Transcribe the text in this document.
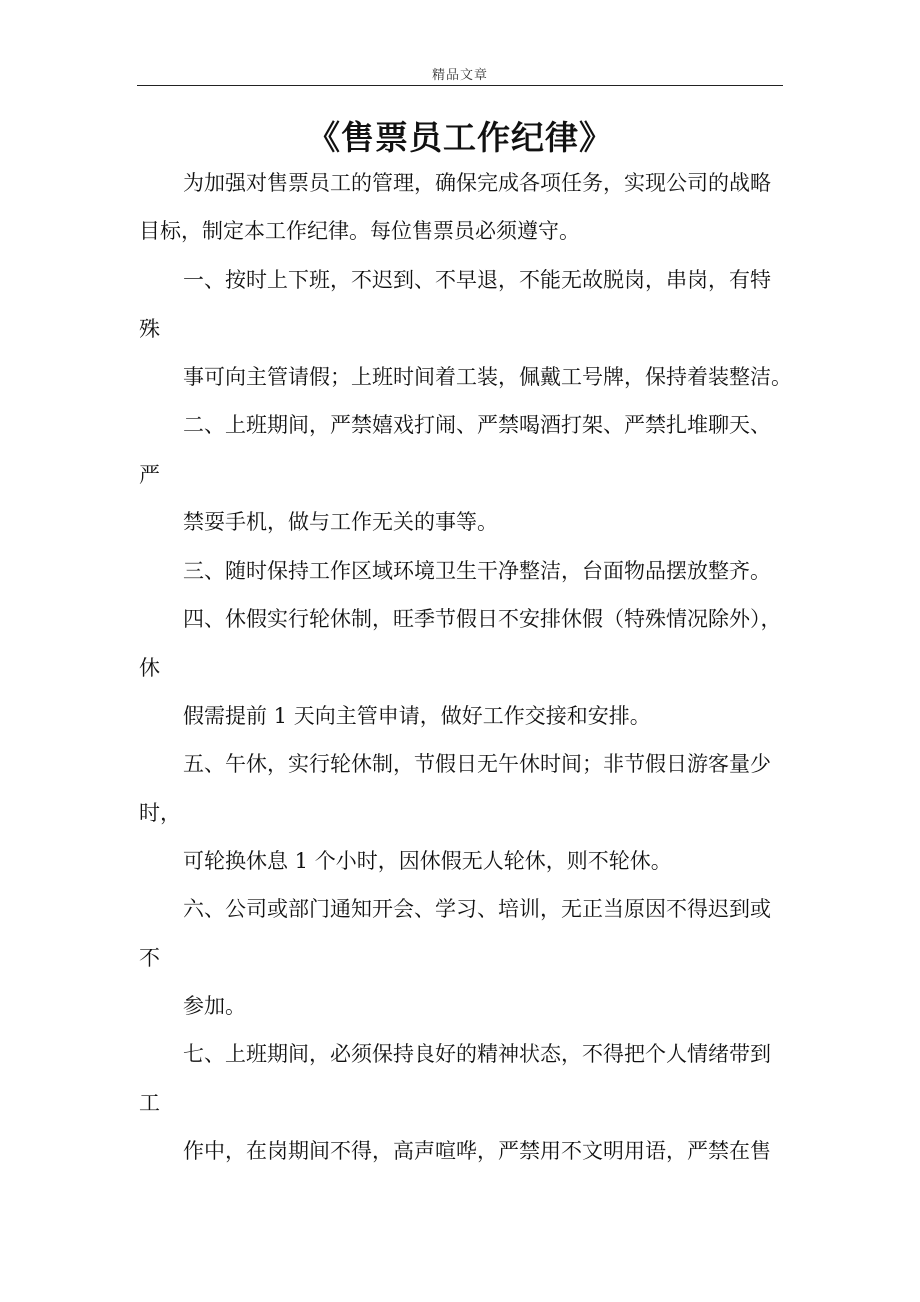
精品文章
《售票员工作纪律》

为加强对售票员工的管理，确保完成各项任务，实现公司的战略

目标，制定本工作纪律。每位售票员必须遵守。

一、按时上下班，不迟到、不早退，不能无故脱岗，串岗，有特

殊

事可向主管请假；上班时间着工装，佩戴工号牌，保持着装整洁。

二、上班期间，严禁嬉戏打闹、严禁喝酒打架、严禁扎堆聊天、

严

禁耍手机，做与工作无关的事等。

三、随时保持工作区域环境卫生干净整洁，台面物品摆放整齐。

四、休假实行轮休制，旺季节假日不安排休假（特殊情况除外），

休

假需提前 1 天向主管申请，做好工作交接和安排。

五、午休，实行轮休制，节假日无午休时间；非节假日游客量少

时，

可轮换休息 1 个小时，因休假无人轮休，则不轮休。

六、公司或部门通知开会、学习、培训，无正当原因不得迟到或

不

参加。

七、上班期间，必须保持良好的精神状态，不得把个人情绪带到

工

作中，在岗期间不得，高声喧哗，严禁用不文明用语，严禁在售
